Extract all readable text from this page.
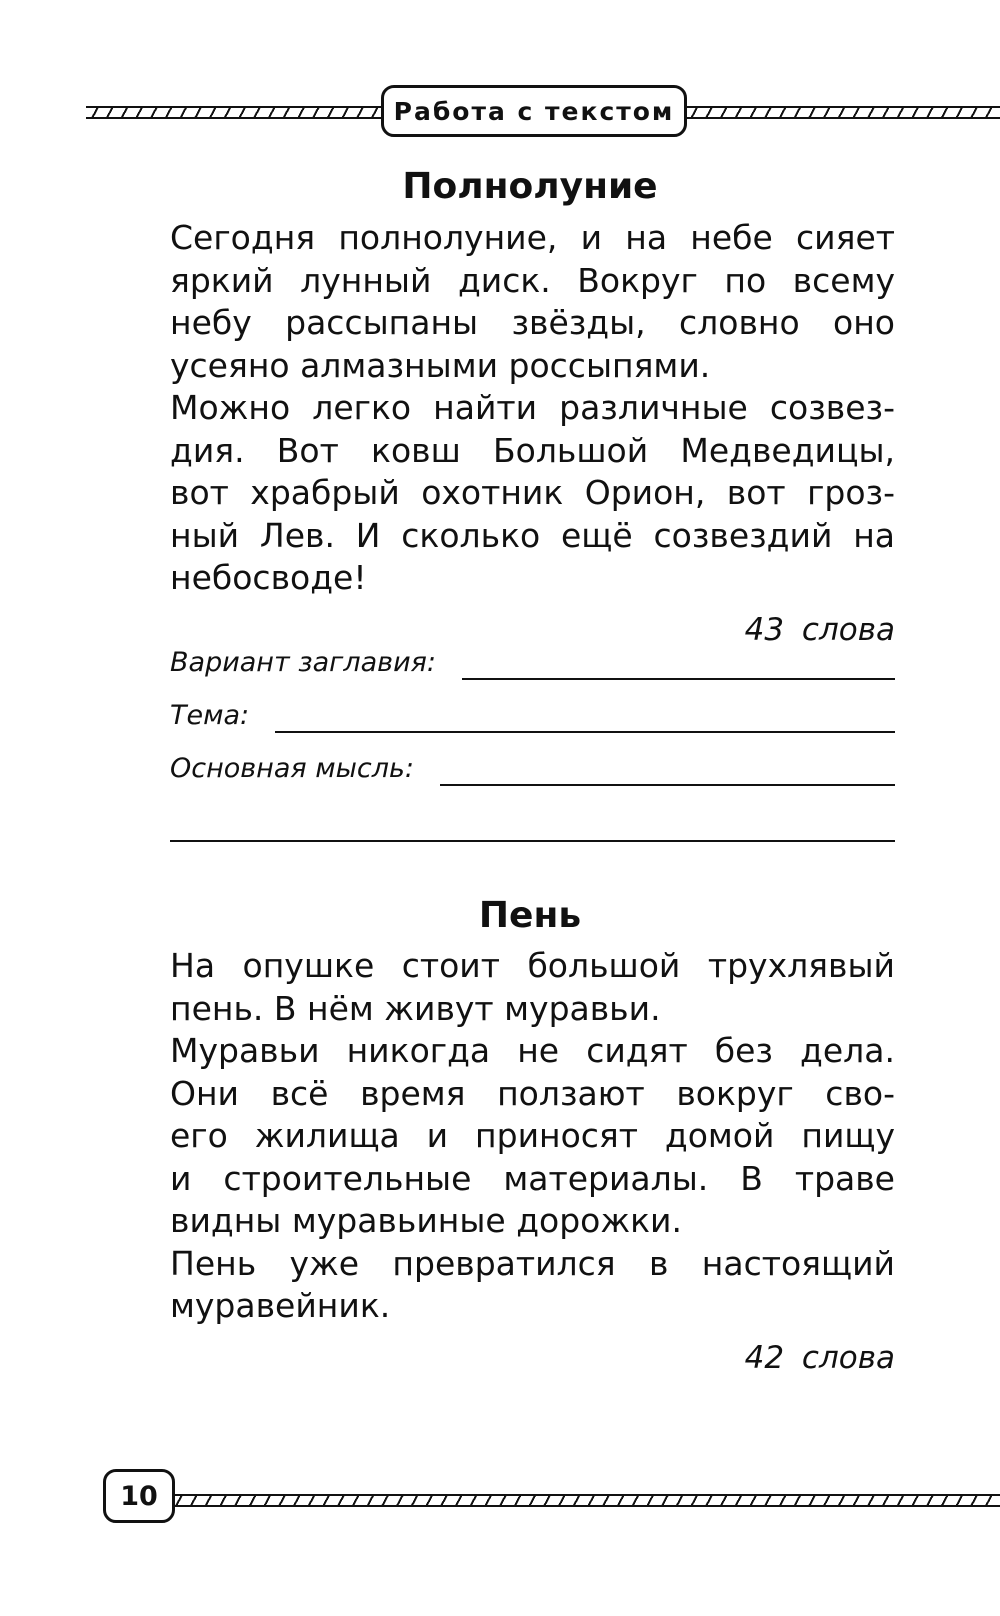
Работа с текстом
Полнолуние

Сегодня полнолуние, и на небе сияет

яркий лунный диск. Вокруг по всему

небу рассыпаны звёзды, словно оно

усеяно алмазными россыпями.

Можно легко найти различные созвез-

дия. Вот ковш Большой Медведицы,

вот храбрый охотник Орион, вот гроз-

ный Лев. И сколько ещё созвездий на

небосводе!

43 слова
Вариант заглавия:
Тема:
Основная мысль:
Пень

На опушке стоит большой трухлявый

пень. В нём живут муравьи.

Муравьи никогда не сидят без дела.

Они всё время ползают вокруг сво-

его жилища и приносят домой пищу

и строительные материалы. В траве

видны муравьиные дорожки.

Пень уже превратился в настоящий

муравейник.

42 слова
10
